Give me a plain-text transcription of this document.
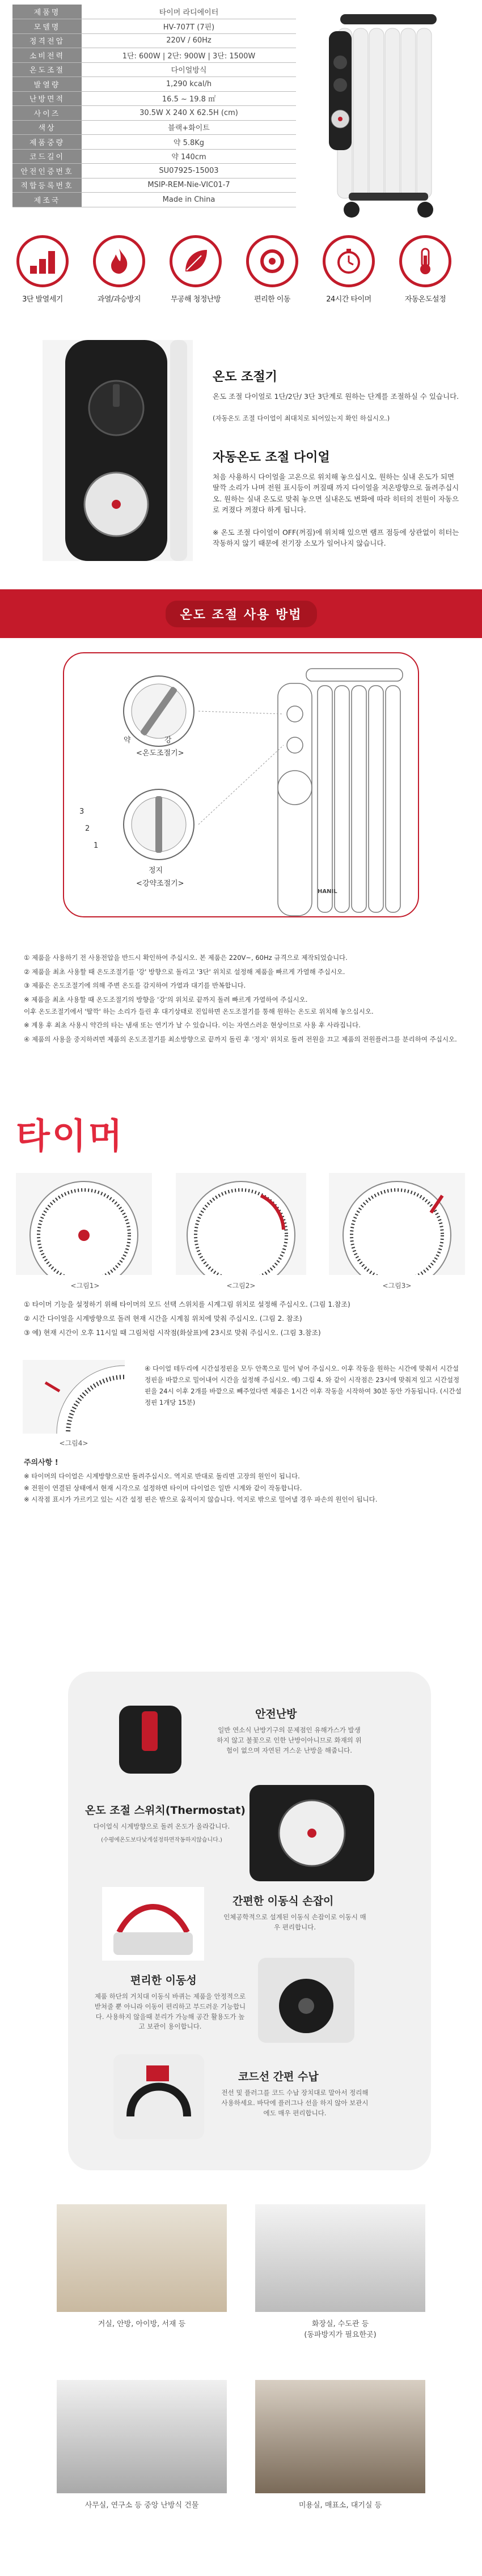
제품명	타이머 라디에이터
모델명	HV-707T (7핀)
정격전압	220V / 60Hz
소비전력	1단: 600W | 2단: 900W | 3단: 1500W
온도조절	다이얼방식
발열량	1,290 kcal/h
난방면적	16.5 ~ 19.8 ㎡
사이즈	30.5W X 240 X 62.5H (cm)
색상	블랙+화이트
제품중량	약 5.8Kg
코드길이	약 140cm
안전인증번호	SU07925-15003
적합등록번호	MSIP-REM-Nie-VIC01-7
제조국	Made in China
3단 발열세기	과열/과승방지	무공해 청정난방	편리한 이동	24시간 타이머	자동온도설정
온도 조절기
온도 조절 다이얼로 1단/2단/ 3단 3단계로 원하는 단계를 조절하실 수 있습니다.
(자동온도 조절 다이얼이 최대치로 되어있는지 확인 하십시오.)
자동온도 조절 다이얼
처음 사용하시 다이얼을 고온으로 위치해 놓으십시오. 원하는 실내 온도가 되면 딸깍 소리가 나며 전원 표시등이 꺼질때 까지 다이얼을 저온방향으로 돌려주십시오. 원하는 실내 온도로 맞춰 놓으면 실내온도 변화에 따라 히터의 전원이 자동으로 켜졌다 꺼졌다 하게 됩니다.
※ 온도 조절 다이얼이 OFF(꺼짐)에 위치해 있으면 램프 점등에 상관없이 히터는 작동하지 않기 때문에 전기장 소모가 일어나지 않습니다.
온도 조절 사용 방법
약	강
<온도조절기>
3
2
1
정지
<강약조절기>
HANIL
① 제품을 사용하기 전 사용전압을 반드시 확인하여 주십시오. 본 제품은 220V~, 60Hz 규격으로 제작되었습니다.
② 제품을 최초 사용할 때 온도조절기를 '강' 방향으로 돌리고 '3단' 위치로 설정해 제품을 빠르게 가열해 주십시오.
③ 제품은 온도조절기에 의해 주변 온도를 감지하여 가열과 대기를 반복합니다.
※ 제품을 최초 사용할 때 온도조절기의 방향을 '강'의 위치로 끝까지 돌려 빠르게 가열하여 주십시오.
이후 온도조절기에서 '딸깍' 하는 소리가 들린 후 대기상태로 진입하면 온도조절기를 통해 원하는 온도로 위치해 놓으십시오.
※ 계용 후 최초 사용시 약간의 타는 냄새 또는 연기가 날 수 있습니다. 이는 자연스러운 현상이므로 사용 후 사라집니다.
④ 제품의 사용을 중지하려면 제품의 온도조절기를 최소방향으로 끝까지 돌린 후 '정지' 위치로 돌려 전원을 끄고 제품의 전원플러그를 분리하여 주십시오.
타이머
<그림1>	<그림2>	<그림3>
① 타이머 기능을 설정하기 위해 타이머의 모드 선택 스위치를 시계그림 위치로 설정해 주십시오. (그림 1.참조)
② 시간 다이얼을 시계방향으로 돌려 현재 시간을 시계침 위치에 맞춰 주십시오. (그림 2. 참조)
③ 예) 현재 시간이 오후 11시일 때 그림처럼 시작점(화살표)에 23시로 맞춰 주십시오. (그림 3.참조)
<그림4>
④ 다이얼 테두리에 시간설정핀을 모두 안쪽으로 밀어 넣어 주십시오. 이후 작동을 원하는 시간에 맞춰서 시간설정핀을 바깥으로 밀어내어 시간을 설정해 주십시오. 예) 그림 4. 와 같이 시작점은 23시에 맞춰져 있고 시간설정핀을 24시 이후 2개를 바깥으로 빼주었다면 제품은 1시간 이후 작동을 시작하여 30분 동안 가동됩니다. (시간설정핀 1개당 15분)
주의사항 !
※ 타이머의 다이얼은 시계방향으로만 돌려주십시오. 역지로 반대로 돌리면 고장의 원인이 됩니다.
※ 전원이 연결된 상태에서 현재 시각으로 설정하면 타이머 다이얼은 일반 시계와 같이 작동합니다.
※ 시작점 표시가 가르키고 있는 시간 설정 핀은 밖으로 움직이지 않습니다. 억지로 밖으로 밀어낼 경우 파손의 원인이 됩니다.
안전난방
일반 연소식 난방기구의 문제점인 유해가스가 발생하지 않고 불꽃으로 인한 난방이아니므로 화재의 위험이 없으며 자연된 겨스운 난방을 해줍니다.
온도 조절 스위치(Thermostat)
다이얼식 시계방향으로 돌려 온도가 올라갑니다.
(수평에온도보다낮게설정하면작동하지않습니다.)
간편한 이동식 손잡이
인체공학적으로 설계된 이동식 손잡이로 이동시 매우 편리합니다.
편리한 이동성
제품 하단의 거치대 이동식 바퀴는 제품을 안정적으로 받쳐줄 뿐 아니라 이동이 편리하고 부드러운 기능합니다. 사용하지 않을때 분리가 가능해 공간 활용도가 높고 보관이 용이합니다.
코드선 간편 수납
전선 및 플러그를 코드 수납 장치대로 말아서 정리해 사용하세요. 바닥에 플러그나 선을 하지 않아 보관시에도 매우 편리합니다.
거실, 안방, 아이방, 서재 등	화장실, 수도관 등
(동파방지가 필요한곳)
사무실, 연구소 등 중앙 난방식 건물	미용실, 매표소, 대기실 등
